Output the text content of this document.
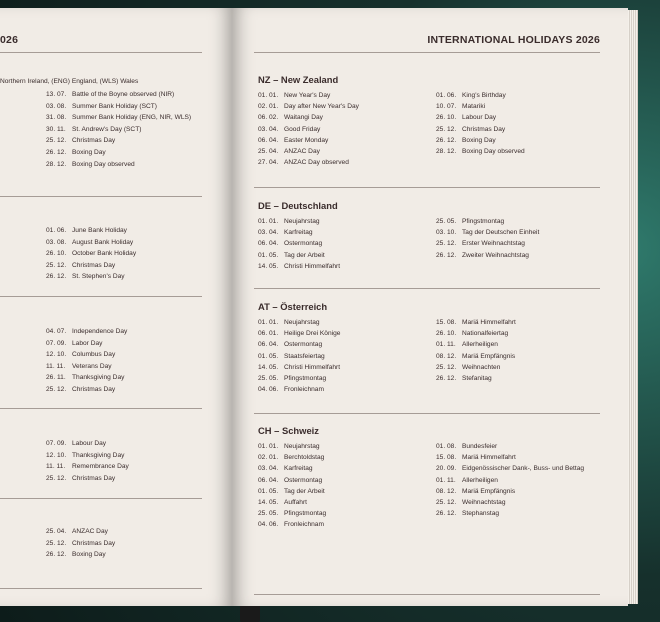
026
Northern Ireland, (ENG) England, (WLS) Wales
13. 07. Battle of the Boyne observed (NIR)
03. 08. Summer Bank Holiday (SCT)
31. 08. Summer Bank Holiday (ENG, NIR, WLS)
30. 11. St. Andrew's Day (SCT)
25. 12. Christmas Day
26. 12. Boxing Day
28. 12. Boxing Day observed
01. 06. June Bank Holiday
03. 08. August Bank Holiday
26. 10. October Bank Holiday
25. 12. Christmas Day
26. 12. St. Stephen's Day
04. 07. Independence Day
07. 09. Labor Day
12. 10. Columbus Day
11. 11. Veterans Day
26. 11. Thanksgiving Day
25. 12. Christmas Day
07. 09. Labour Day
12. 10. Thanksgiving Day
11. 11. Remembrance Day
25. 12. Christmas Day
25. 04. ANZAC Day
25. 12. Christmas Day
26. 12. Boxing Day
INTERNATIONAL HOLIDAYS 2026
NZ – New Zealand
01. 01. New Year's Day
02. 01. Day after New Year's Day
06. 02. Waitangi Day
03. 04. Good Friday
06. 04. Easter Monday
25. 04. ANZAC Day
27. 04. ANZAC Day observed
01. 06. King's Birthday
10. 07. Matariki
26. 10. Labour Day
25. 12. Christmas Day
26. 12. Boxing Day
28. 12. Boxing Day observed
DE – Deutschland
01. 01. Neujahrstag
03. 04. Karfreitag
06. 04. Ostermontag
01. 05. Tag der Arbeit
14. 05. Christi Himmelfahrt
25. 05. Pfingstmontag
03. 10. Tag der Deutschen Einheit
25. 12. Erster Weihnachtstag
26. 12. Zweiter Weihnachtstag
AT – Österreich
01. 01. Neujahrstag
06. 01. Heilige Drei Könige
06. 04. Ostermontag
01. 05. Staatsfeiertag
14. 05. Christi Himmelfahrt
25. 05. Pfingstmontag
04. 06. Fronleichnam
15. 08. Mariä Himmelfahrt
26. 10. Nationalfeiertag
01. 11. Allerheiligen
08. 12. Mariä Empfängnis
25. 12. Weihnachten
26. 12. Stefanitag
CH – Schweiz
01. 01. Neujahrstag
02. 01. Berchtoldstag
03. 04. Karfreitag
06. 04. Ostermontag
01. 05. Tag der Arbeit
14. 05. Auffahrt
25. 05. Pfingstmontag
04. 06. Fronleichnam
01. 08. Bundesfeier
15. 08. Mariä Himmelfahrt
20. 09. Eidgenössischer Dank-, Buss- und Bettag
01. 11. Allerheiligen
08. 12. Mariä Empfängnis
25. 12. Weihnachtstag
26. 12. Stephanstag
